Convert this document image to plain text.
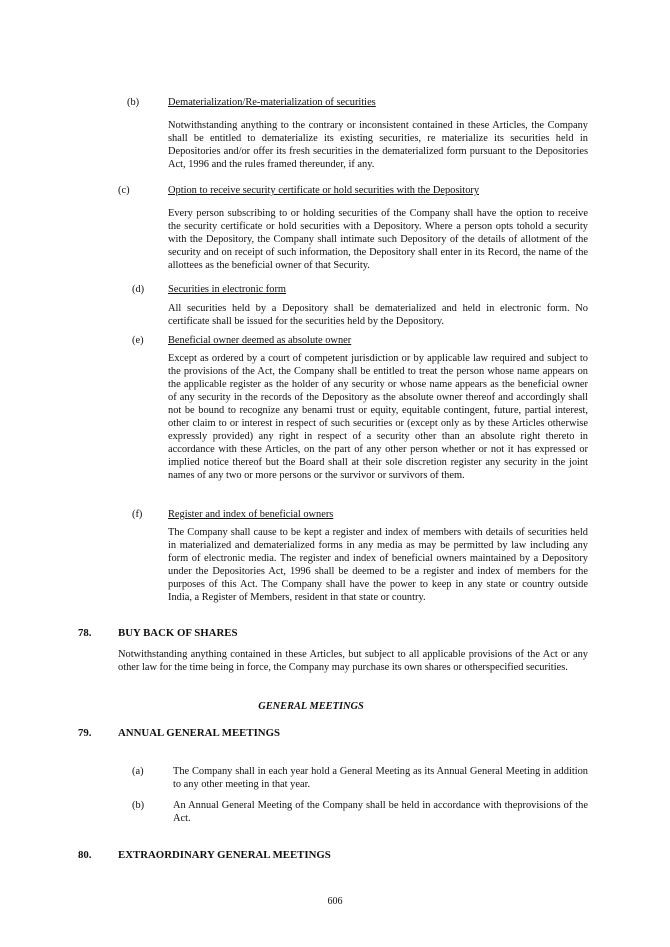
(b)	Dematerialization/Re-materialization of securities
Notwithstanding anything to the contrary or inconsistent contained in these Articles, the Company shall be entitled to dematerialize its existing securities, re materialize its securities held in Depositories and/or offer its fresh securities in the dematerialized form pursuant to the Depositories Act, 1996 and the rules framed thereunder, if any.
(c)	Option to receive security certificate or hold securities with the Depository
Every person subscribing to or holding securities of the Company shall have the option to receive the security certificate or hold securities with a Depository. Where a person opts tohold a security with the Depository, the Company shall intimate such Depository of the details of allotment of the security and on receipt of such information, the Depository shall enter in its Record, the name of the allottees as the beneficial owner of that Security.
(d) Securities in electronic form
All securities held by a Depository shall be dematerialized and held in electronic form. No certificate shall be issued for the securities held by the Depository.
(e) Beneficial owner deemed as absolute owner
Except as ordered by a court of competent jurisdiction or by applicable law required and subject to the provisions of the Act, the Company shall be entitled to treat the person whose name appears on the applicable register as the holder of any security or whose name appears as the beneficial owner of any security in the records of the Depository as the absolute owner thereof and accordingly shall not be bound to recognize any benami trust or equity, equitable contingent, future, partial interest, other claim to or interest in respect of such securities or (except only as by these Articles otherwise expressly provided) any right in respect of a security other than an absolute right thereto in accordance with these Articles, on the part of any other person whether or not it has expressed or implied notice thereof but the Board shall at their sole discretion register any security in the joint names of any two or more persons or the survivor or survivors of them.
(f) Register and index of beneficial owners
The Company shall cause to be kept a register and index of members with details of securities held in materialized and dematerialized forms in any media as may be permitted by law including any form of electronic media. The register and index of beneficial owners maintained by a Depository under the Depositories Act, 1996 shall be deemed to be a register and index of members for the purposes of this Act. The Company shall have the power to keep in any state or country outside India, a Register of Members, resident in that state or country.
78. BUY BACK OF SHARES
Notwithstanding anything contained in these Articles, but subject to all applicable provisions of the Act or any other law for the time being in force, the Company may purchase its own shares or otherspecified securities.
GENERAL MEETINGS
79. ANNUAL GENERAL MEETINGS
(a)	The Company shall in each year hold a General Meeting as its Annual General Meeting in addition to any other meeting in that year.
(b)	An Annual General Meeting of the Company shall be held in accordance with theprovisions of the Act.
80. EXTRAORDINARY GENERAL MEETINGS
606
